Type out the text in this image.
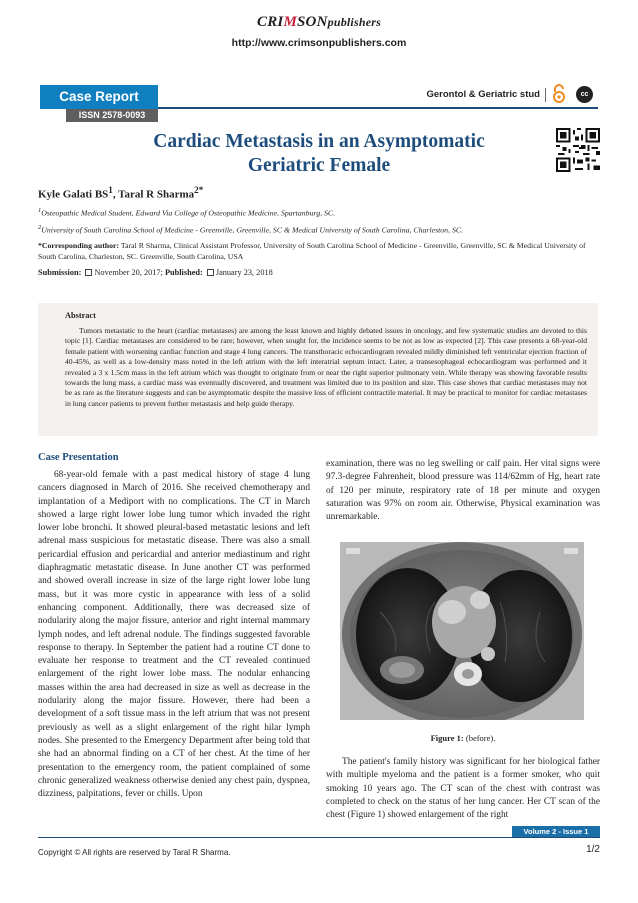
CRIMSONpublishers
http://www.crimsonpublishers.com
Case Report
ISSN 2578-0093
Gerontol & Geriatric stud	cc
Cardiac Metastasis in an Asymptomatic
Geriatric Female
Kyle Galati $BS^1$, Taral R Sharma$^{2*}$
$^1$Osteopathic Medical Student, Edward Via College of Osteopathic Medicine, Spartanburg, SC.
$^2$University of South Carolina School of Medicine - Greenville, Greenville, SC & Medical University of South Carolina, Charleston, SC.
*Corresponding author: Taral R Sharma, Clinical Assistant Professor, University of South Carolina School of Medicine - Greenville, Greenville, SC & Medical University of South Carolina, Charleston, SC. Greenville, South Carolina, USA
Submission: November 20, 2017; Published: January 23, 2018
Abstract
Tumors metastatic to the heart (cardiac metastases) are among the least known and highly debated issues in oncology, and few systematic studies are devoted to this topic [1]. Cardiac metastases are considered to be rare; however, when sought for, the incidence seems to be not as low as expected [2]. This case presents a 68-year-old female patient with worsening cardiac function and stage 4 lung cancers. The transthoracic echocardiogram revealed mildly diminished left ventricular ejection fraction of 40-45%, as well as a low-density mass noted in the left atrium with the left interatrial septum intact. Later, a transesophageal echocardiogram was performed and it revealed a 3 x 1.5cm mass in the left atrium which was thought to originate from or near the right superior pulmonary vein. While therapy was showing favorable results towards the lung mass, a cardiac mass was eventually discovered, and treatment was limited due to its position and size. This case shows that cardiac metastases may not be as rare as the literature suggests and can be asymptomatic despite the massive loss of efficient contractile material. It may be practical to monitor for cardiac metastases in lung cancer patients to prevent further metastasis and help guide therapy.
Case Presentation
68-year-old female with a past medical history of stage 4 lung cancers diagnosed in March of 2016. She received chemotherapy and implantation of a Mediport with no complications. The CT in March showed a large right lower lobe lung tumor which invaded the right lower lobe bronchi. It showed pleural-based metastatic lesions and left adrenal mass suspicious for metastatic disease. There was also a small pericardial effusion and pericardial and anterior mediastinum and right diaphragmatic metastatic disease. In June another CT was performed and showed overall increase in size of the large right lower lobe lung mass, but it was more cystic in appearance with less of a solid enhancing component. Additionally, there was decreased size of nodularity along the major fissure, anterior and right internal mammary lymph nodes, and left adrenal nodule. The findings suggested favorable response to therapy. In September the patient had a routine CT done to evaluate her response to treatment and the CT revealed continued enlargement of the right lower lobe mass. The nodular enhancing masses within the area had decreased in size as well as decrease in the nodularity along the major fissure. However, there had been a development of a soft tissue mass in the left atrium that was not present previously as well as a slight enlargement of the right hilar lymph nodes. She presented to the Emergency Department after being told that she had an abnormal finding on a CT of her chest. At the time of her presentation to the emergency room, the patient complained of some chronic generalized weakness otherwise denied any chest pain, dyspnea, dizziness, palpitations, fever or chills. Upon
examination, there was no leg swelling or calf pain. Her vital signs were 97.3-degree Fahrenheit, blood pressure was 114/62mm of Hg, heart rate of 120 per minute, respiratory rate of 18 per minute and oxygen saturation was 97% on room air. Otherwise, Physical examination was unremarkable.
Figure 1: (before).
The patient's family history was significant for her biological father with multiple myeloma and the patient is a former smoker, who quit smoking 10 years ago. The CT scan of the chest with contrast was completed to check on the status of her lung cancer. Her CT scan of the chest (Figure 1) showed enlargement of the right
Volume 2 - Issue 1
Copyright © All rights are reserved by Taral R Sharma.	1/2
